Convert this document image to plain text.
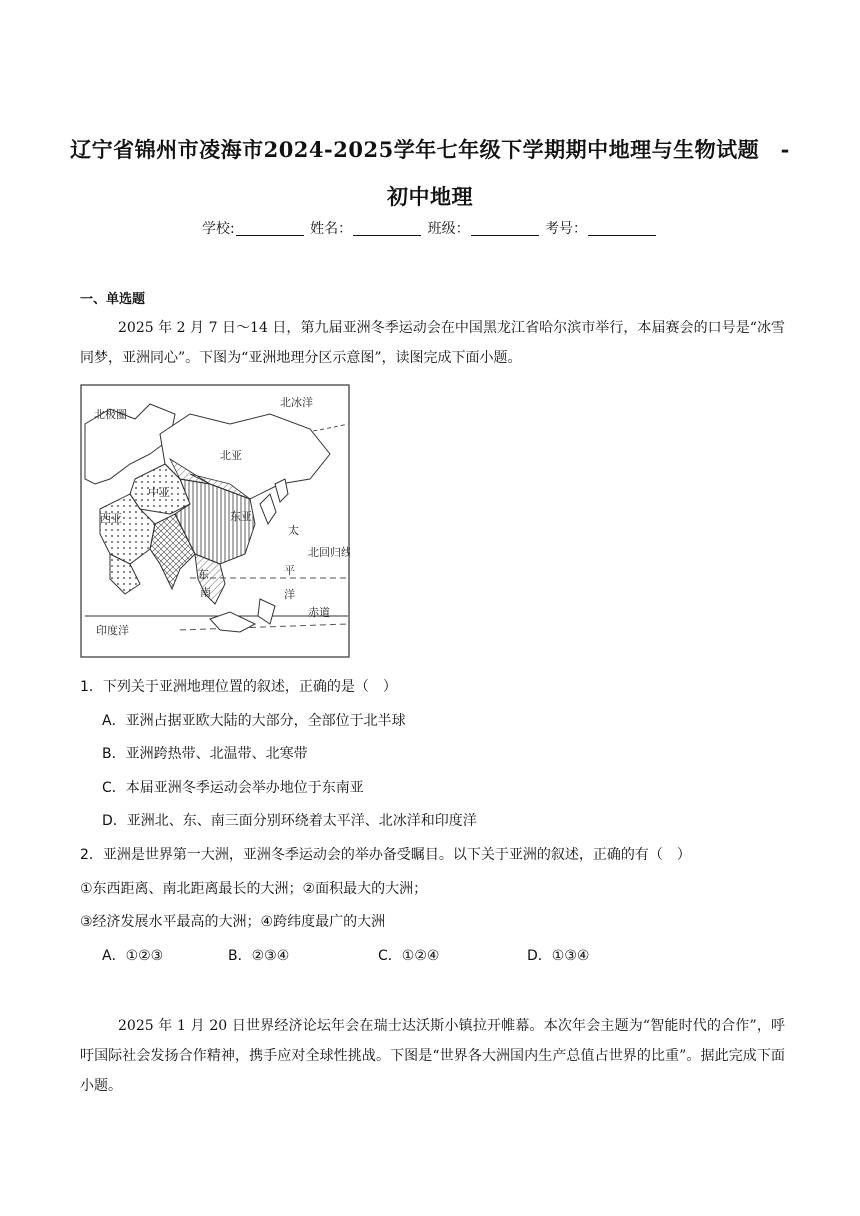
辽宁省锦州市凌海市2024-2025学年七年级下学期期中地理与生物试题　-
初中地理
学校:	姓名：	班级：	考号：
一、单选题
2025 年 2 月 7 日～14 日，第九届亚洲冬季运动会在中国黑龙江省哈尔滨市举行，本届赛会的口号是“冰雪同梦，亚洲同心”。下图为“亚洲地理分区示意图”，读图完成下面小题。
北极圈
北冰洋
北亚
中亚
西亚	东亚
太
北回归线
平
洋
赤道
东
南
印度洋
1．下列关于亚洲地理位置的叙述，正确的是（　）
A．亚洲占据亚欧大陆的大部分，全部位于北半球
B．亚洲跨热带、北温带、北寒带
C．本届亚洲冬季运动会举办地位于东南亚
D．亚洲北、东、南三面分别环绕着太平洋、北冰洋和印度洋
2．亚洲是世界第一大洲，亚洲冬季运动会的举办备受瞩目。以下关于亚洲的叙述，正确的有（　）
①东西距离、南北距离最长的大洲；②面积最大的大洲；
③经济发展水平最高的大洲；④跨纬度最广的大洲
A．①②③	B．②③④	C．①②④	D．①③④
2025 年 1 月 20 日世界经济论坛年会在瑞士达沃斯小镇拉开帷幕。本次年会主题为“智能时代的合作”，呼吁国际社会发扬合作精神，携手应对全球性挑战。下图是“世界各大洲国内生产总值占世界的比重”。据此完成下面小题。
